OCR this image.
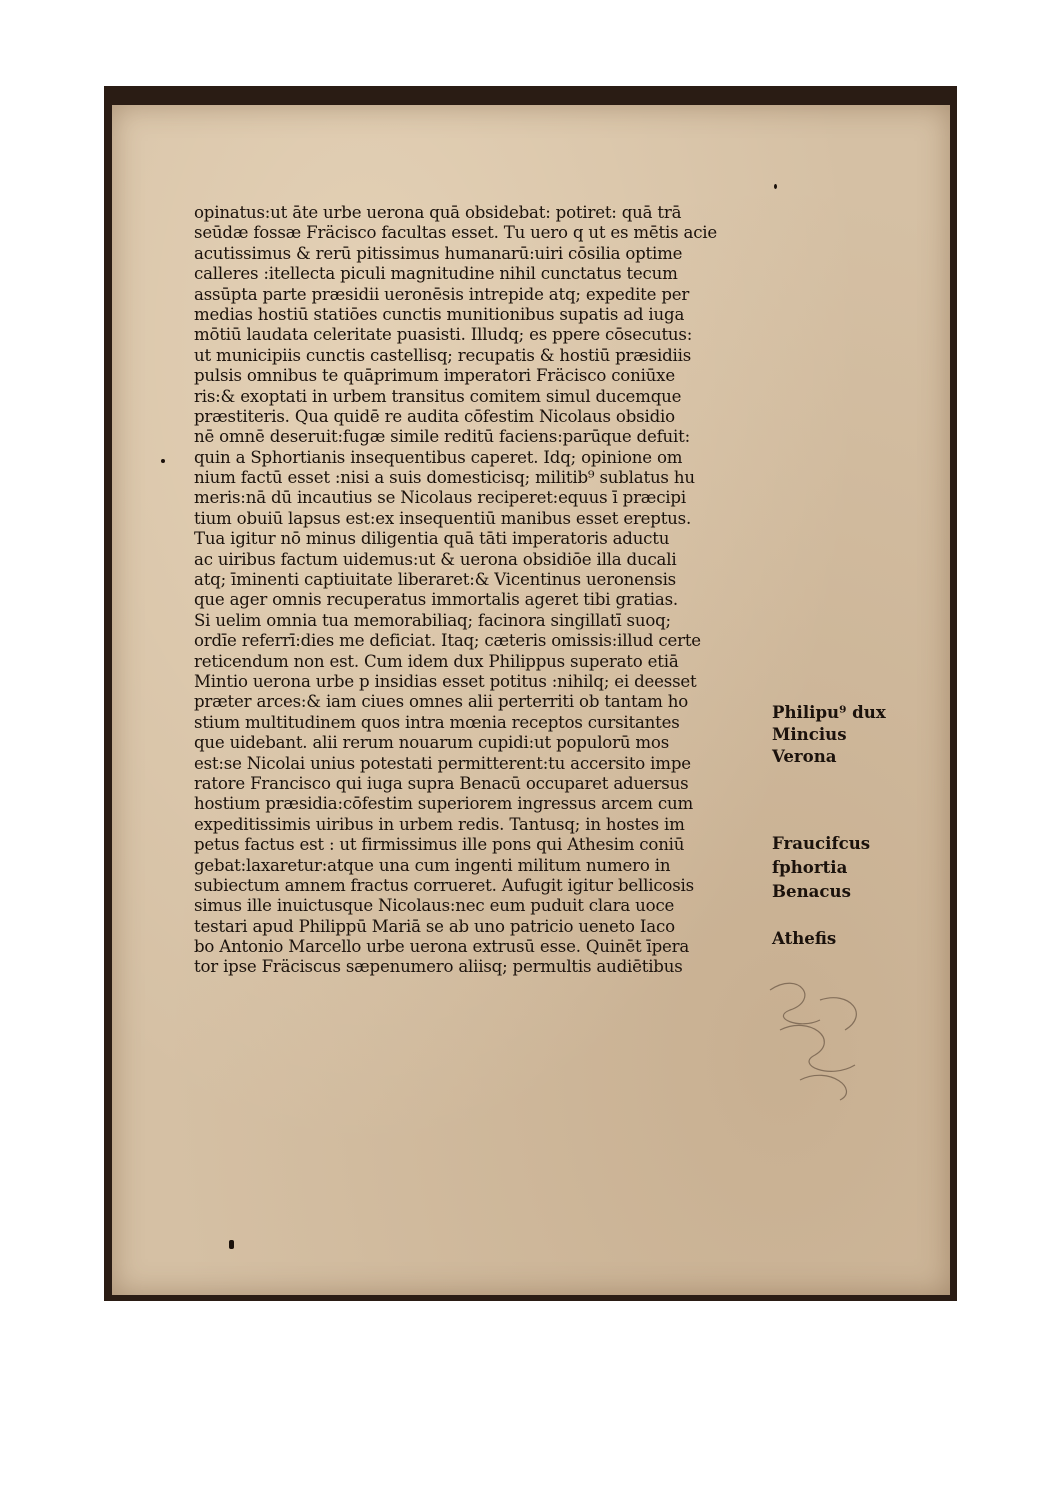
opinatus:ut āte urbe uerona quā obsidebat: potiret: quā trā
seūdæ fossæ Fräcisco facultas esset. Tu uero q ut es mētis acie
acutissimus & rerū pitissimus humanarū:uiri cōsilia optime
calleres :itellecta piculi magnitudine nihil cunctatus tecum
assūpta parte præsidii ueronēsis intrepide atq; expedite per
medias hostiū statiōes cunctis munitionibus supatis ad iuga
mōtiū laudata celeritate puasisti. Illudq; es ppere cōsecutus:
ut municipiis cunctis castellisq; recupatis & hostiū præsidiis
pulsis omnibus te quāprimum imperatori Fräcisco coniūxe
ris:& exoptati in urbem transitus comitem simul ducemque
præstiteris. Qua quidē re audita cōfestim Nicolaus obsidio
nē omnē deseruit:fugæ simile reditū faciens:parūque defuit:
quin a Sphortianis insequentibus caperet. Idq; opinione om
nium factū esset :nisi a suis domesticisq; militib⁹ sublatus hu
meris:nā dū incautius se Nicolaus reciperet:equus ī præcipi
tium obuiū lapsus est:ex insequentiū manibus esset ereptus.
Tua igitur nō minus diligentia quā tāti imperatoris aductu
ac uiribus factum uidemus:ut & uerona obsidiōe illa ducali
atq; īminenti captiuitate liberaret:& Vicentinus ueronensis
que ager omnis recuperatus immortalis ageret tibi gratias.
Si uelim omnia tua memorabiliaq; facinora singillatī suoq;
ordīe referrī:dies me deficiat. Itaq; cæteris omissis:illud certe
reticendum non est. Cum idem dux Philippus superato etiā
Mintio uerona urbe p insidias esset potitus :nihilq; ei deesset
præter arces:& iam ciues omnes alii perterriti ob tantam ho
stium multitudinem quos intra mœnia receptos cursitantes
que uidebant. alii rerum nouarum cupidi:ut populorū mos
est:se Nicolai unius potestati permitterent:tu accersito impe
ratore Francisco qui iuga supra Benacū occuparet aduersus
hostium præsidia:cōfestim superiorem ingressus arcem cum
expeditissimis uiribus in urbem redis. Tantusq; in hostes im
petus factus est : ut firmissimus ille pons qui Athesim coniū
gebat:laxaretur:atque una cum ingenti militum numero in
subiectum amnem fractus corrueret. Aufugit igitur bellicosis
simus ille inuictusque Nicolaus:nec eum puduit clara uoce
testari apud Philippū Mariā se ab uno patricio ueneto Iaco
bo Antonio Marcello urbe uerona extrusū esse. Quinēt īpera
tor ipse Fräciscus sæpenumero aliisq; permultis audiētibus
Philipu⁹ dux
Mincius
Verona
Fraucifcus
fphortia
Benacus
Athefis
